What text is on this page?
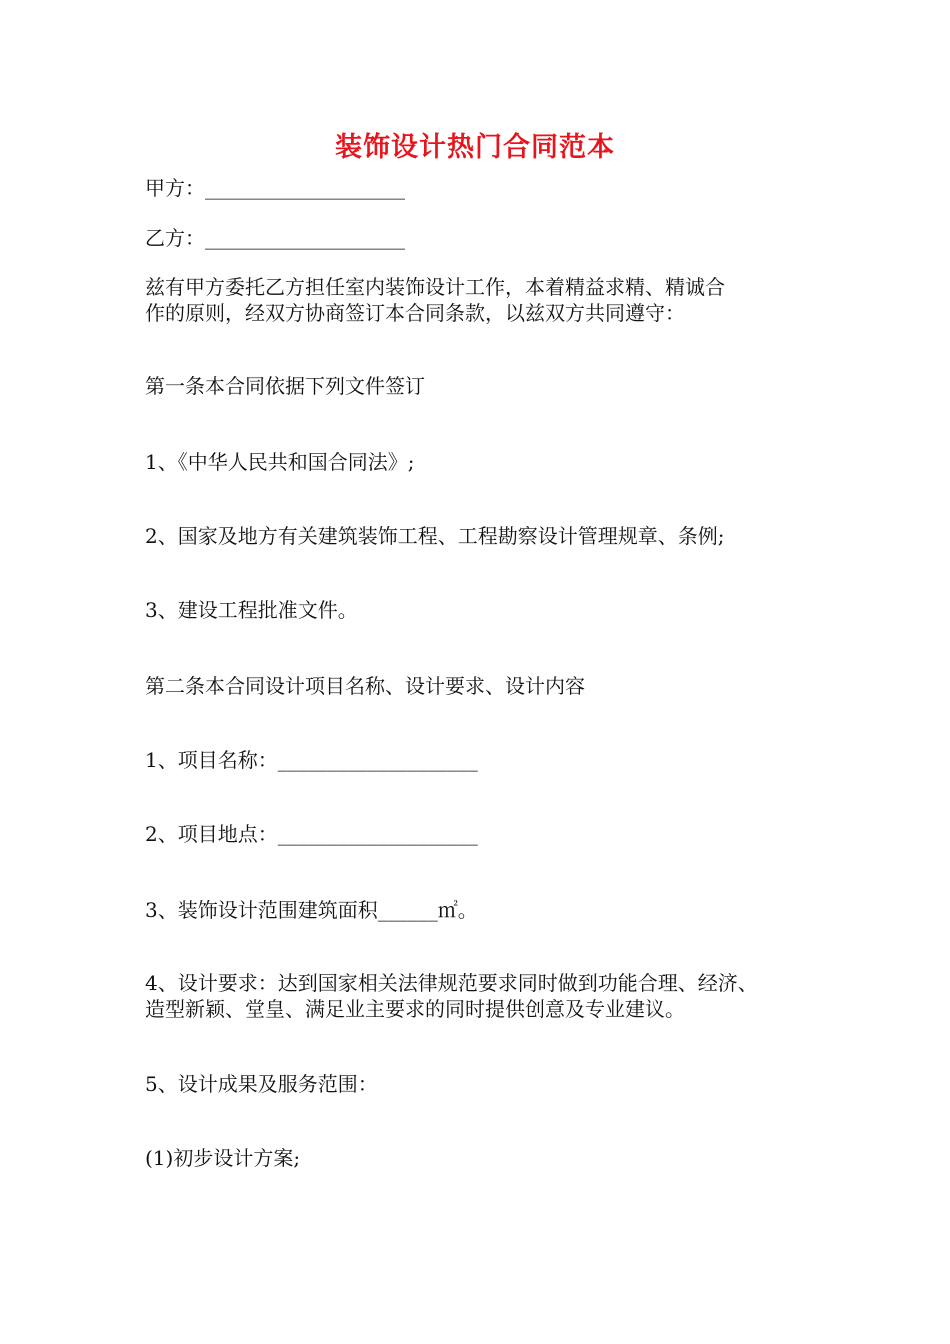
装饰设计热门合同范本

甲方：____________________

乙方：____________________

兹有甲方委托乙方担任室内装饰设计工作，本着精益求精、精诚合
作的原则，经双方协商签订本合同条款，以兹双方共同遵守：

第一条本合同依据下列文件签订

1、《中华人民共和国合同法》;

2、国家及地方有关建筑装饰工程、工程勘察设计管理规章、条例;

3、建设工程批准文件。

第二条本合同设计项目名称、设计要求、设计内容

1、项目名称：____________________

2、项目地点：____________________

3、装饰设计范围建筑面积______㎡。

4、设计要求：达到国家相关法律规范要求同时做到功能合理、经济、
造型新颖、堂皇、满足业主要求的同时提供创意及专业建议。

5、设计成果及服务范围：

(1)初步设计方案;
